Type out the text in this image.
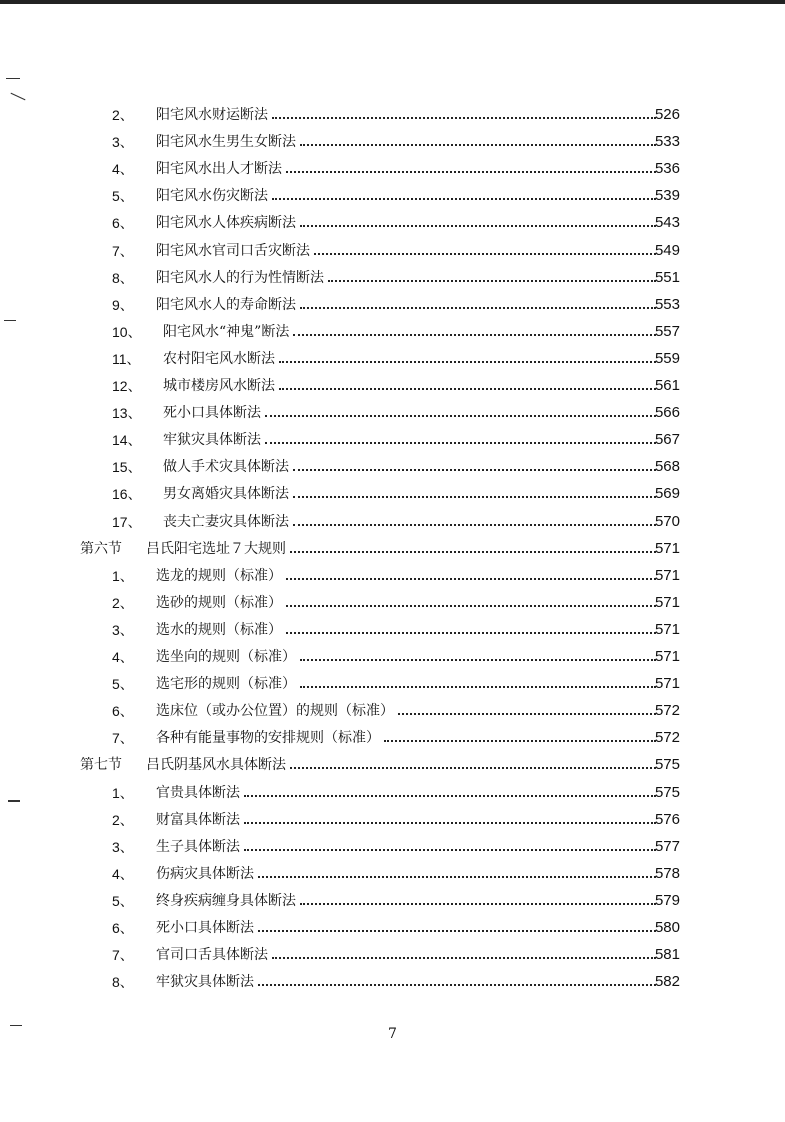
2、 阳宅风水财运断法	526
3、 阳宅风水生男生女断法	533
4、 阳宅风水出人才断法	536
5、 阳宅风水伤灾断法	539
6、 阳宅风水人体疾病断法	543
7、 阳宅风水官司口舌灾断法	549
8、 阳宅风水人的行为性情断法	551
9、 阳宅风水人的寿命断法	553
10、 阳宅风水“神鬼”断法	557
11、 农村阳宅风水断法	559
12、 城市楼房风水断法	561
13、 死小口具体断法	566
14、 牢狱灾具体断法	567
15、 做人手术灾具体断法	568
16、 男女离婚灾具体断法	569
17、 丧夫亡妻灾具体断法	570
第六节 吕氏阳宅选址７大规则	571
1、 选龙的规则（标准）	571
2、 选砂的规则（标准）	571
3、 选水的规则（标准）	571
4、 选坐向的规则（标准）	571
5、 选宅形的规则（标准）	571
6、 选床位（或办公位置）的规则（标准）	572
7、 各种有能量事物的安排规则（标准）	572
第七节 吕氏阴基风水具体断法	575
1、 官贵具体断法	575
2、 财富具体断法	576
3、 生子具体断法	577
4、 伤病灾具体断法	578
5、 终身疾病缠身具体断法	579
6、 死小口具体断法	580
7、 官司口舌具体断法	581
8、 牢狱灾具体断法	582
7
